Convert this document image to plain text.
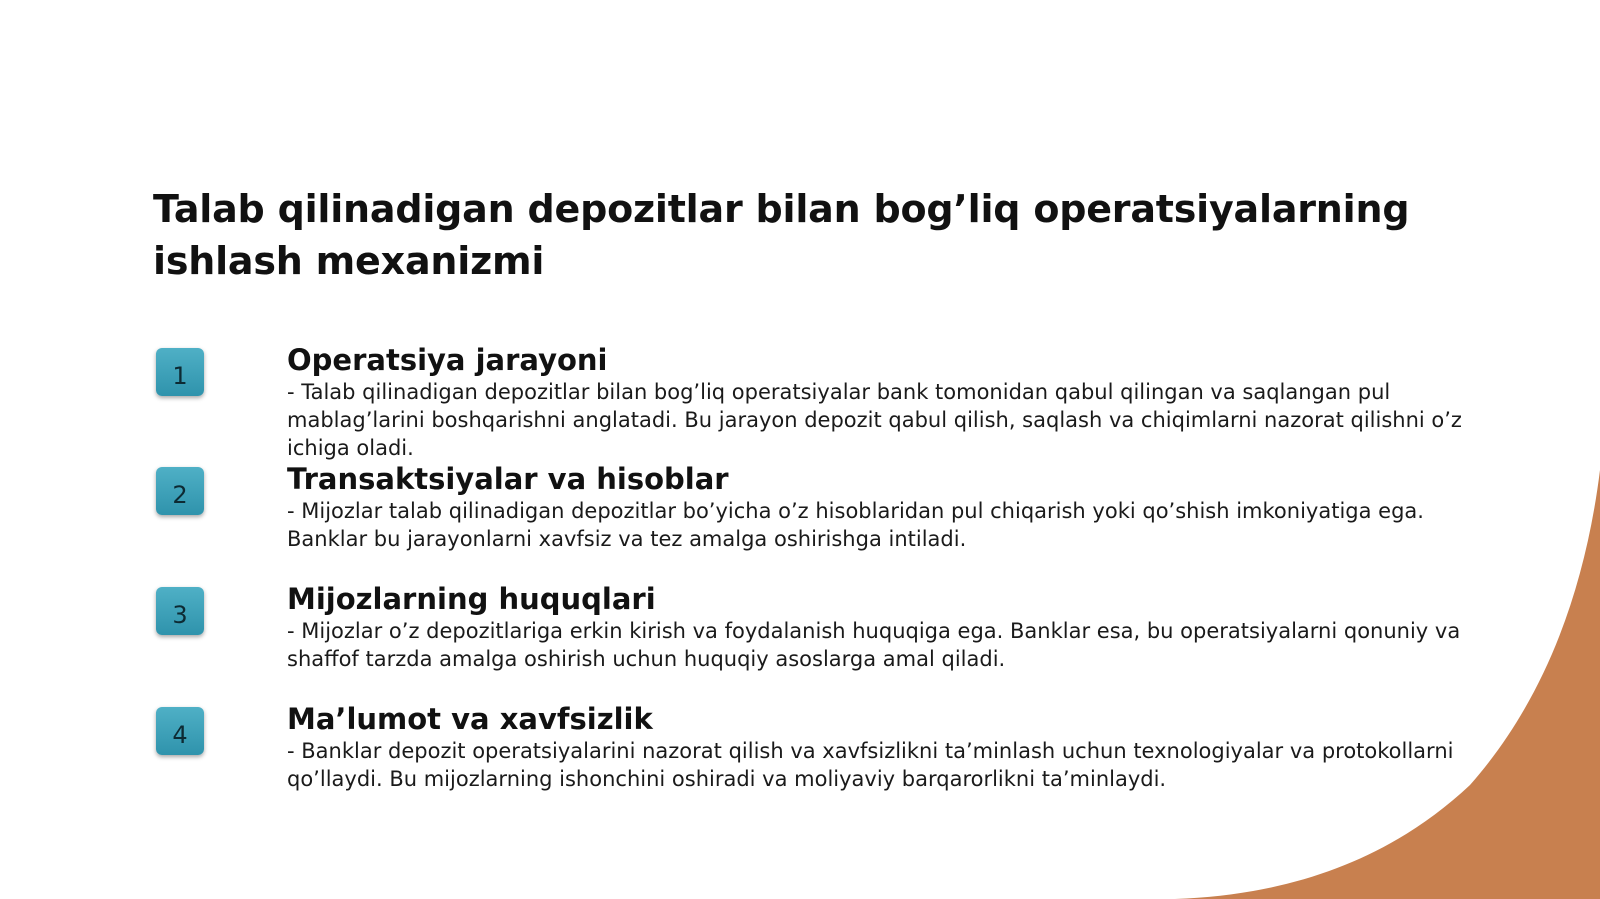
Talab qilinadigan depozitlar bilan bog’liq operatsiyalarning ishlash mexanizmi
1	Operatsiya jarayoni

- Talab qilinadigan depozitlar bilan bog’liq operatsiyalar bank tomonidan qabul qilingan va saqlangan pul mablag’larini boshqarishni anglatadi. Bu jarayon depozit qabul qilish, saqlash va chiqimlarni nazorat qilishni o’z ichiga oladi.

2	Transaktsiyalar va hisoblar

- Mijozlar talab qilinadigan depozitlar bo’yicha o’z hisoblaridan pul chiqarish yoki qo’shish imkoniyatiga ega. Banklar bu jarayonlarni xavfsiz va tez amalga oshirishga intiladi.

3	Mijozlarning huquqlari

- Mijozlar o’z depozitlariga erkin kirish va foydalanish huquqiga ega. Banklar esa, bu operatsiyalarni qonuniy va shaffof tarzda amalga oshirish uchun huquqiy asoslarga amal qiladi.

4	Ma’lumot va xavfsizlik

- Banklar depozit operatsiyalarini nazorat qilish va xavfsizlikni ta’minlash uchun texnologiyalar va protokollarni qo’llaydi. Bu mijozlarning ishonchini oshiradi va moliyaviy barqarorlikni ta’minlaydi.
